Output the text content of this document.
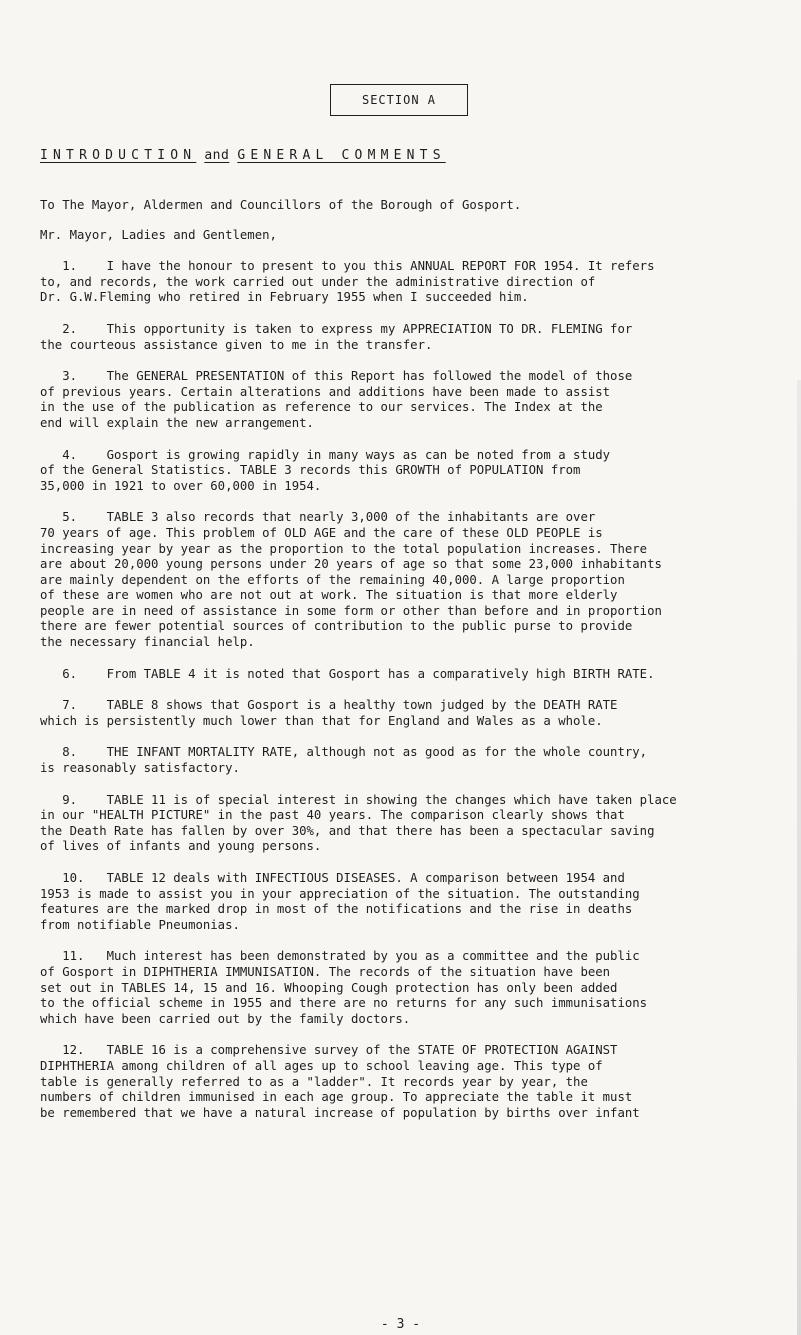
SECTION A
INTRODUCTION and GENERAL COMMENTS
To The Mayor, Aldermen and Councillors of the Borough of Gosport.
Mr. Mayor, Ladies and Gentlemen,
1.    I have the honour to present to you this ANNUAL REPORT FOR 1954. It refers
to, and records, the work carried out under the administrative direction of
Dr. G.W.Fleming who retired in February 1955 when I succeeded him.
2.    This opportunity is taken to express my APPRECIATION TO DR. FLEMING for
the courteous assistance given to me in the transfer.
3.    The GENERAL PRESENTATION of this Report has followed the model of those
of previous years. Certain alterations and additions have been made to assist
in the use of the publication as reference to our services. The Index at the
end will explain the new arrangement.
4.    Gosport is growing rapidly in many ways as can be noted from a study
of the General Statistics. TABLE 3 records this GROWTH of POPULATION from
35,000 in 1921 to over 60,000 in 1954.
5.    TABLE 3 also records that nearly 3,000 of the inhabitants are over
70 years of age. This problem of OLD AGE and the care of these OLD PEOPLE is
increasing year by year as the proportion to the total population increases. There
are about 20,000 young persons under 20 years of age so that some 23,000 inhabitants
are mainly dependent on the efforts of the remaining 40,000. A large proportion
of these are women who are not out at work. The situation is that more elderly
people are in need of assistance in some form or other than before and in proportion
there are fewer potential sources of contribution to the public purse to provide
the necessary financial help.
6.    From TABLE 4 it is noted that Gosport has a comparatively high BIRTH RATE.
7.    TABLE 8 shows that Gosport is a healthy town judged by the DEATH RATE
which is persistently much lower than that for England and Wales as a whole.
8.    THE INFANT MORTALITY RATE, although not as good as for the whole country,
is reasonably satisfactory.
9.    TABLE 11 is of special interest in showing the changes which have taken place
in our "HEALTH PICTURE" in the past 40 years. The comparison clearly shows that
the Death Rate has fallen by over 30%, and that there has been a spectacular saving
of lives of infants and young persons.
10.   TABLE 12 deals with INFECTIOUS DISEASES. A comparison between 1954 and
1953 is made to assist you in your appreciation of the situation. The outstanding
features are the marked drop in most of the notifications and the rise in deaths
from notifiable Pneumonias.
11.   Much interest has been demonstrated by you as a committee and the public
of Gosport in DIPHTHERIA IMMUNISATION. The records of the situation have been
set out in TABLES 14, 15 and 16. Whooping Cough protection has only been added
to the official scheme in 1955 and there are no returns for any such immunisations
which have been carried out by the family doctors.
12.   TABLE 16 is a comprehensive survey of the STATE OF PROTECTION AGAINST
DIPHTHERIA among children of all ages up to school leaving age. This type of
table is generally referred to as a "ladder". It records year by year, the
numbers of children immunised in each age group. To appreciate the table it must
be remembered that we have a natural increase of population by births over infant
- 3 -
